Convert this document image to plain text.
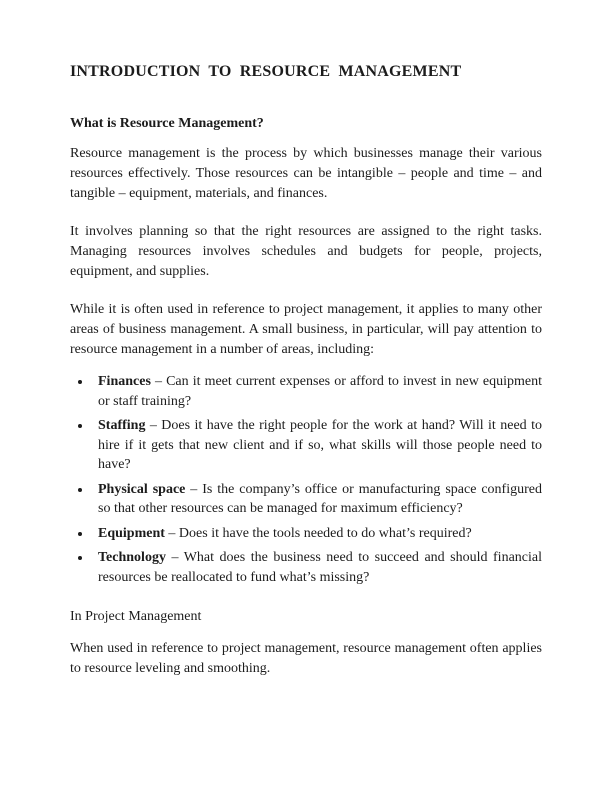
INTRODUCTION TO RESOURCE MANAGEMENT
What is Resource Management?

Resource management is the process by which businesses manage their various resources effectively. Those resources can be intangible – people and time – and tangible – equipment, materials, and finances.

It involves planning so that the right resources are assigned to the right tasks. Managing resources involves schedules and budgets for people, projects, equipment, and supplies.

While it is often used in reference to project management, it applies to many other areas of business management. A small business, in particular, will pay attention to resource management in a number of areas, including:

Finances – Can it meet current expenses or afford to invest in new equipment or staff training?
Staffing – Does it have the right people for the work at hand? Will it need to hire if it gets that new client and if so, what skills will those people need to have?
Physical space – Is the company’s office or manufacturing space configured so that other resources can be managed for maximum efficiency?
Equipment – Does it have the tools needed to do what’s required?
Technology – What does the business need to succeed and should financial resources be reallocated to fund what’s missing?
In Project Management

When used in reference to project management, resource management often applies to resource leveling and smoothing.
